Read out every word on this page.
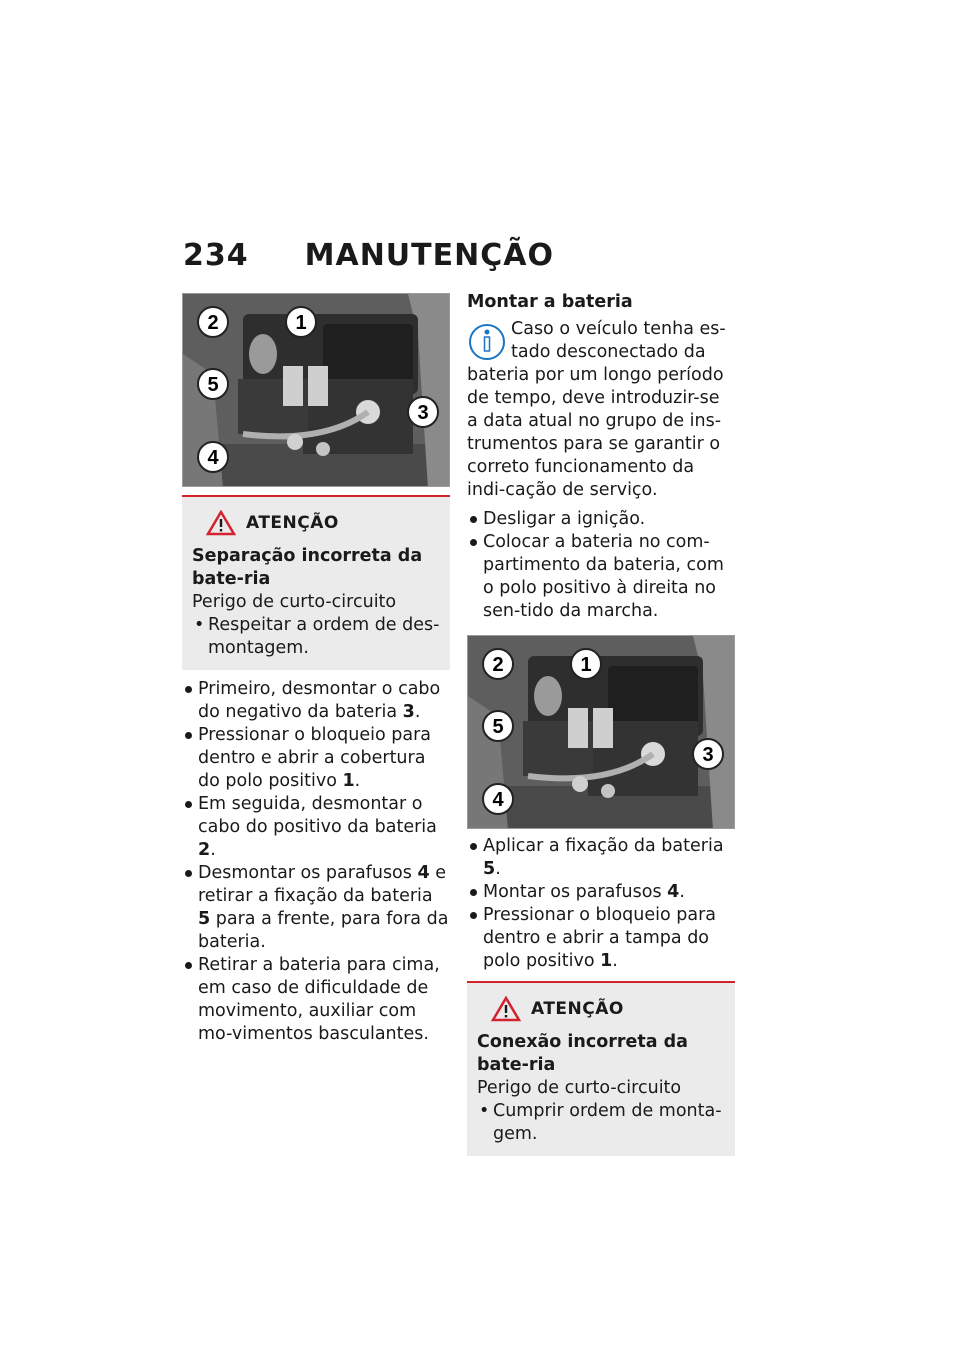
234 MANUTENÇÃO
2	1
5
3
4
ATENÇÃO
Separação incorreta da bate-ria
Perigo de curto-circuito
• Respeitar a ordem de des-montagem.
Primeiro, desmontar o cabo do negativo da bateria 3.
Pressionar o bloqueio para dentro e abrir a cobertura do polo positivo 1.
Em seguida, desmontar o cabo do positivo da bateria 2.
Desmontar os parafusos 4 e retirar a fixação da bateria 5 para a frente, para fora da bateria.
Retirar a bateria para cima, em caso de dificuldade de movimento, auxiliar com mo-vimentos basculantes.
Montar a bateria
Caso o veículo tenha es-tado desconectado da bateria por um longo período de tempo, deve introduzir-se a data atual no grupo de ins-trumentos para se garantir o correto funcionamento da indi-cação de serviço.
Desligar a ignição.
Colocar a bateria no com-partimento da bateria, com o polo positivo à direita no sen-tido da marcha.
2	1
5
3
4
Aplicar a fixação da bateria 5.
Montar os parafusos 4.
Pressionar o bloqueio para dentro e abrir a tampa do polo positivo 1.
ATENÇÃO
Conexão incorreta da bate-ria
Perigo de curto-circuito
• Cumprir ordem de monta-gem.
